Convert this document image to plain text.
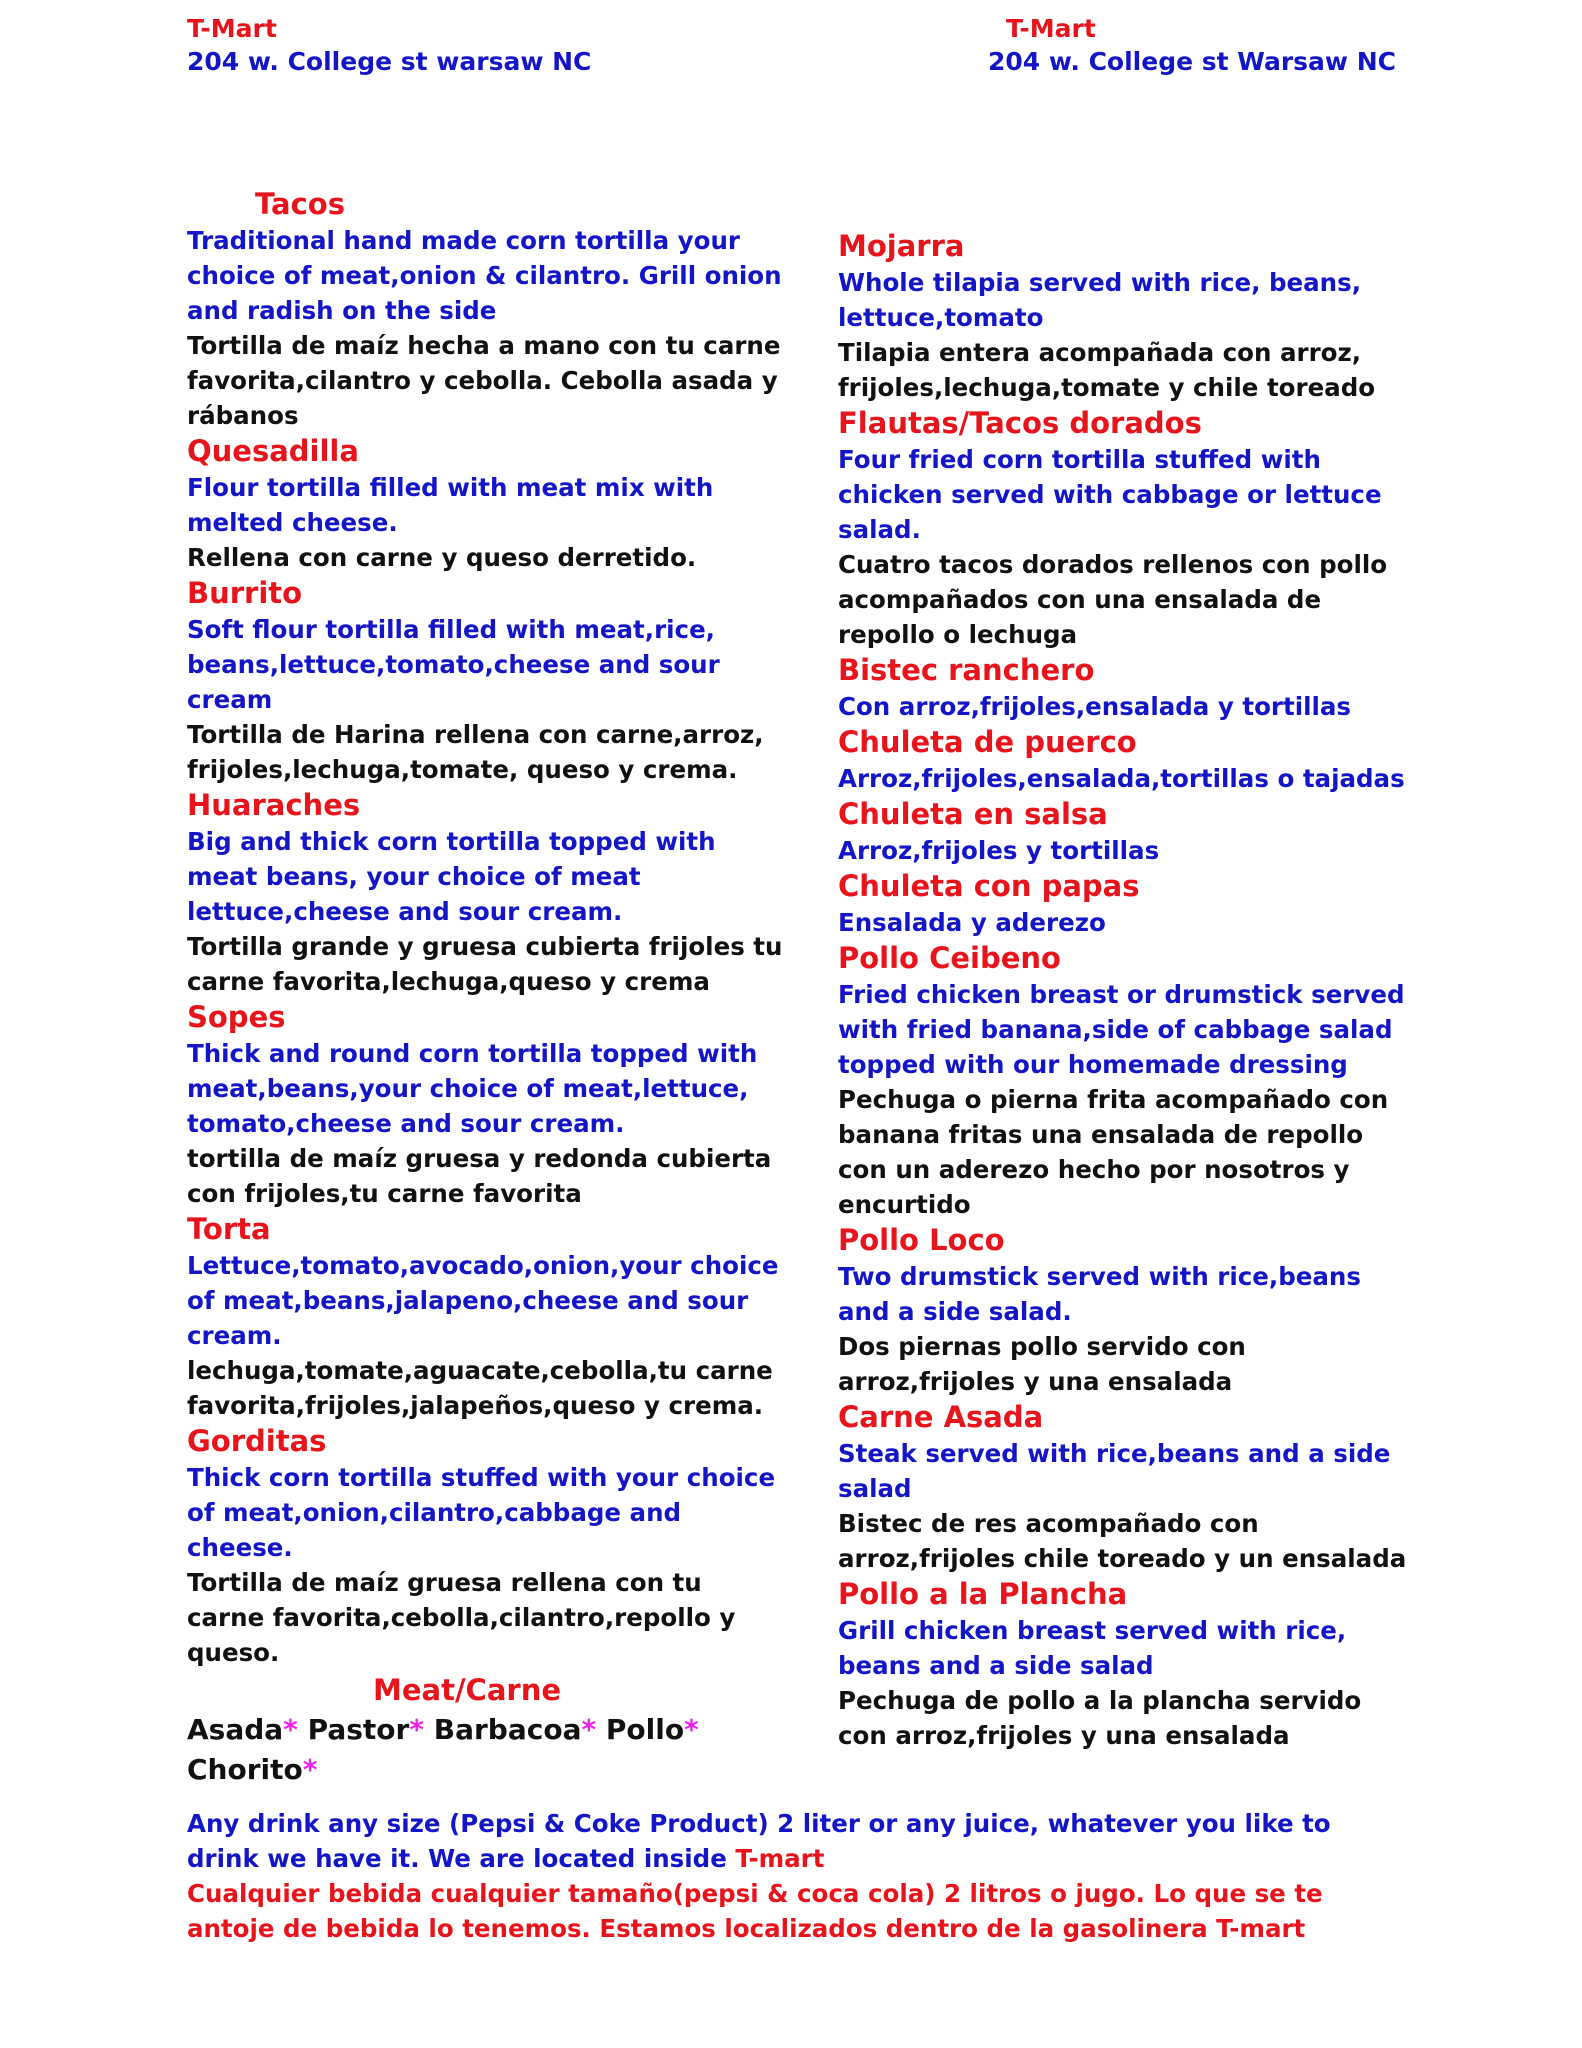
T-Mart
204 w. College st warsaw NC
T-Mart
204 w. College st Warsaw NC

Tacos

Traditional hand made corn tortilla your choice of meat,onion & cilantro. Grill onion and radish on the side

Tortilla de maíz hecha a mano con tu carne favorita,cilantro y cebolla. Cebolla asada y rábanos

Quesadilla

Flour tortilla filled with meat mix with melted cheese.

Rellena con carne y queso derretido.

Burrito

Soft flour tortilla filled with meat,rice, beans,lettuce,tomato,cheese and sour cream

Tortilla de Harina rellena con carne,arroz, frijoles,lechuga,tomate, queso y crema.

Huaraches

Big and thick corn tortilla topped with meat beans, your choice of meat lettuce,cheese and sour cream.

Tortilla grande y gruesa cubierta frijoles tu carne favorita,lechuga,queso y crema

Sopes

Thick and round corn tortilla topped with meat,beans,your choice of meat,lettuce, tomato,cheese and sour cream.

tortilla de maíz gruesa y redonda cubierta con frijoles,tu carne favorita

Torta

Lettuce,tomato,avocado,onion,your choice of meat,beans,jalapeno,cheese and sour cream.

lechuga,tomate,aguacate,cebolla,tu carne favorita,frijoles,jalapeños,queso y crema.

Gorditas

Thick corn tortilla stuffed with your choice of meat,onion,cilantro,cabbage and cheese.

Tortilla de maíz gruesa rellena con tu carne favorita,cebolla,cilantro,repollo y queso.

Meat/Carne

Asada* Pastor* Barbacoa* Pollo* Chorito*

Mojarra

Whole tilapia served with rice, beans, lettuce,tomato

Tilapia entera acompañada con arroz, frijoles,lechuga,tomate y chile toreado

Flautas/Tacos dorados

Four fried corn tortilla stuffed with chicken served with cabbage or lettuce salad.

Cuatro tacos dorados rellenos con pollo acompañados con una ensalada de repollo o lechuga

Bistec ranchero

Con arroz,frijoles,ensalada y tortillas

Chuleta de puerco

Arroz,frijoles,ensalada,tortillas o tajadas

Chuleta en salsa

Arroz,frijoles y tortillas

Chuleta con papas

Ensalada y aderezo

Pollo Ceibeno

Fried chicken breast or drumstick served with fried banana,side of cabbage salad topped with our homemade dressing

Pechuga o pierna frita acompañado con banana fritas una ensalada de repollo con un aderezo hecho por nosotros y encurtido

Pollo Loco

Two drumstick served with rice,beans and a side salad.

Dos piernas pollo servido con arroz,frijoles y una ensalada

Carne Asada

Steak served with rice,beans and a side salad

Bistec de res acompañado con arroz,frijoles chile toreado y un ensalada

Pollo a la Plancha

Grill chicken breast served with rice, beans and a side salad

Pechuga de pollo a la plancha servido con arroz,frijoles y una ensalada

Any drink any size (Pepsi & Coke Product) 2 liter or any juice, whatever you like to drink we have it. We are located inside T-mart

Cualquier bebida cualquier tamaño(pepsi & coca cola) 2 litros o jugo. Lo que se te antoje de bebida lo tenemos. Estamos localizados dentro de la gasolinera T-mart
